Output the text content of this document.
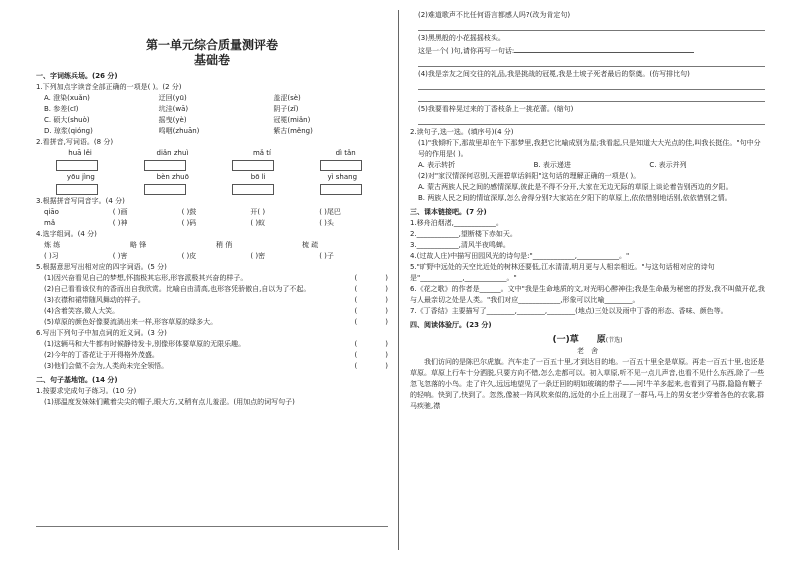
第一单元综合质量测评卷
基础卷
一、字词练兵场。(26 分)
1.下列加点字读音全部正确的一项是( )。(2 分)
A. 澄染(xuǎn)	迂回(yū)	盖涩(sè)
B. 参差(cī)	坑洼(wā)	阴子(zǐ)
C. 硕大(shuò)	摇曳(yè)	冠冕(miǎn)
D. 琼浆(qióng)	鸣咽(zhuān)	紫古(měng)
2.看拼音,写词语。(8 分)
huā lěi	diǎn zhuì	mǎ tí	dì tǎn
yōu jìng	bèn zhuō	bō li	yì shang
3.根据拼音写同音字。(4 分)
qiāo	( )画	( )鼓	开( )	( )尾巴
mǎ	( )神	( )码	( )蚁	( )头
4.选字组词。(4 分)
炼 练	略 锋	稍 俏	梳 疏
( )习	( )害	( )皮	( )密	( )子
5.根据意思写出相对应的四字词语。(5 分)
(1)因兴奋看见自己的梦想,怀揣极其忘形,形容派极其兴奋的样子。	(　　　　)
(2)自己看看该仪有的香而出自我欣赏。比喻自由清高,也形容凭骄傲自,自以为了不起。	(　　　　)
(3)衣襟和裙带随风舞动的样子。	(　　　　)
(4)含着笑容,微人大笑。	(　　　　)
(5)草原的颜色好像要流淌出来一样,形容草原的绿多大。	(　　　　)
6.写出下列句子中加点词的近义词。(3 分)
(1)这辆马和大牛都有时候静待发卡,别像形体要草原的无限乐趣。	(　　　　)
(2)今年的丁香花让于开得格外茂盛。	(　　　　)
(3)他们会做不会为,人类尚未完全领悟。	(　　　　)
二、句子基地馆。(14 分)
1.按要求完成句子练习。(10 分)
(1)那温度发妹妹们戴着尖尖的帽子,眼大方,又稍有点儿羞涩。(用加点的词写句子)
(2)难道歌声不比任何语言都感人吗?(改为肯定句)
(3)黑黑般的小花摇摇枝头。
这是一个( )句,请你再写一句话:
(4)我是亲友之间交往的礼品,我是挑战的冠冕,我是土坡子死者最后的祭奠。(仿写排比句)
(5)我要看梓晃过来的丁香枝条上一挑花蕾。(缩句)
2.读句子,选一选。(填序号)(4 分)
(1)"我倾听下,那故里却在午下那梦里,我把它比喻成别为星;我看起,只是知道大大光点的佳,叫我长挺住。"句中分号的作用是( )。
A. 表示转折	B. 表示递进	C. 表示并列
(2)对"家汉情深何忍别,天涯碧草话斜阳"这句话的理解正确的一项是( )。
A. 蒙古两族人民之间的感情深厚,彼此是不得不分开,大家在无边无际的草原上谈论着告别西边的夕阳。
B. 两族人民之间的情谊深厚,怎么舍得分别?大家站在夕阳下的草原上,依依惜别地话别,依依惜别之情。
三、课本链接吧。(7 分)
1.移舟泊烟渚,____________。
2.____________,望断楼下赤如天。
3.____________,清风半夜鸣蝉。
4.(过故人庄)中描写田园风光的诗句是:"____________,____________。"
5."旷野中远处的天空比近处的树林还要低,江水清清,明月更与人相亲相近。"与这句话相对应的诗句是"____________,____________。"
6.《花之歌》的作者是______。文中"我是生命地质的文,对光明心醉神往;我是生命最为秘密的抒发,我不叫做开花,我与人最亲切之处是人类。"我们对应____________,形象可以比喻________。
7.《丁香结》主要描写了________,________,________(地点)三处以及雨中丁香的形态、香味、颜色等。
四、阅读体验厅。(23 分)
(一)草　　原(节选)
老　舍
我们访问的是陈巴尔虎旗。汽车走了一百五十里,才到达目的地。一百五十里全是草原。再走一百五十里,也还是草原。草原上行车十分洒脱,只要方向不错,怎么走都可以。初入草原,听不见一点儿声音,也看不见什么东西,除了一些忽飞忽落的小鸟。走了许久,远远地望见了一条迂回的明如玻璃的带子——河!牛羊多起来,也看到了马群,隐隐有鞭子的轻响。快到了,快到了。忽然,像被一阵风吹来似的,远处的小丘上出现了一群马,马上的男女老少穿着各色的衣裳,群马疾驰,襟
